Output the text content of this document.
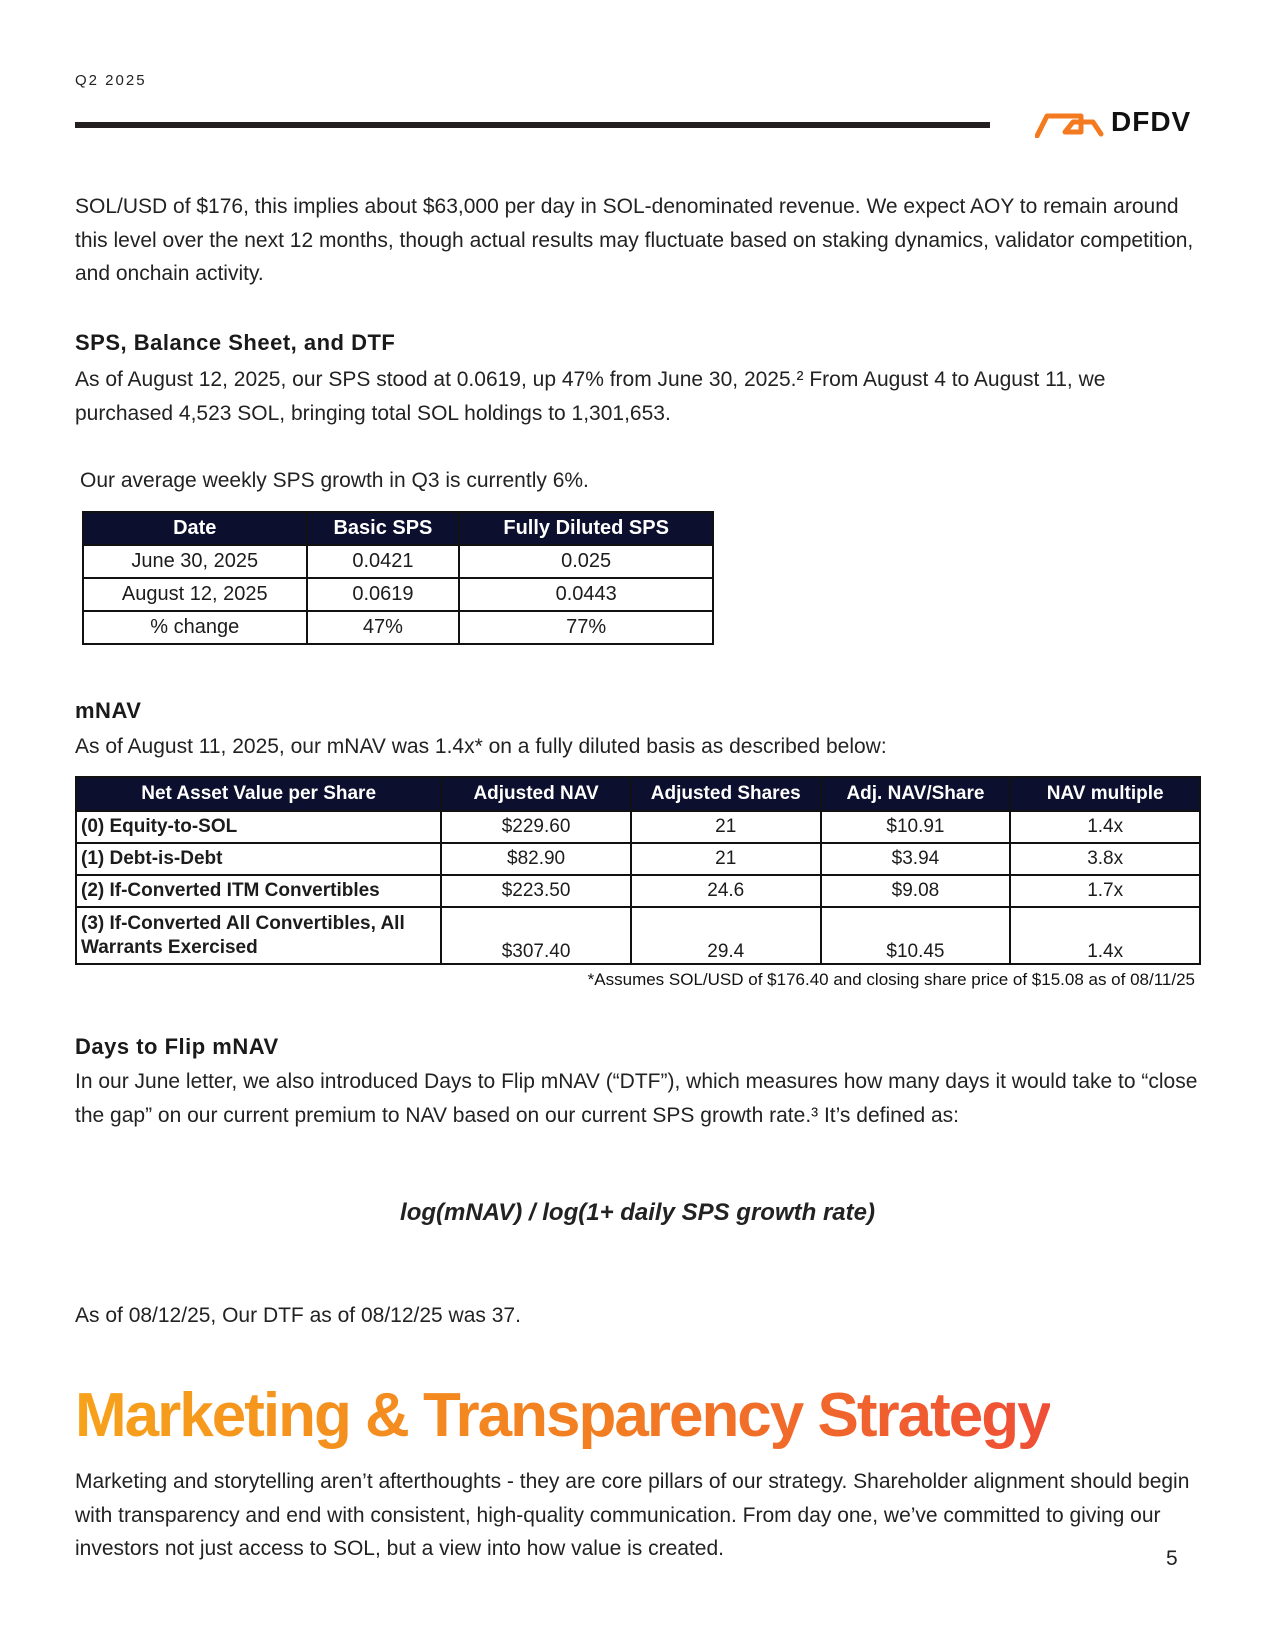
Q2 2025
DFDV
SOL/USD of $176, this implies about $63,000 per day in SOL-denominated revenue. We expect AOY to remain around this level over the next 12 months, though actual results may fluctuate based on staking dynamics, validator competition, and onchain activity.
SPS, Balance Sheet, and DTF
As of August 12, 2025, our SPS stood at 0.0619, up 47% from June 30, 2025.² From August 4 to August 11, we purchased 4,523 SOL, bringing total SOL holdings to 1,301,653.
Our average weekly SPS growth in Q3 is currently 6%.
Date	Basic SPS	Fully Diluted SPS
June 30, 2025	0.0421	0.025
August 12, 2025	0.0619	0.0443
% change	47%	77%
mNAV
As of August 11, 2025, our mNAV was 1.4x* on a fully diluted basis as described below:
Net Asset Value per Share	Adjusted NAV	Adjusted Shares	Adj. NAV/Share	NAV multiple
(0) Equity-to-SOL	$229.60	21	$10.91	1.4x
(1) Debt-is-Debt	$82.90	21	$3.94	3.8x
(2) If-Converted ITM Convertibles	$223.50	24.6	$9.08	1.7x
(3) If-Converted All Convertibles, All Warrants Exercised	$307.40	29.4	$10.45	1.4x
*Assumes SOL/USD of $176.40 and closing share price of $15.08 as of 08/11/25
Days to Flip mNAV
In our June letter, we also introduced Days to Flip mNAV (“DTF”), which measures how many days it would take to “close the gap” on our current premium to NAV based on our current SPS growth rate.³ It’s defined as:
log(mNAV) / log(1+ daily SPS growth rate)
As of 08/12/25, Our DTF as of 08/12/25 was 37.
Marketing & Transparency Strategy
Marketing and storytelling aren’t afterthoughts - they are core pillars of our strategy. Shareholder alignment should begin with transparency and end with consistent, high-quality communication. From day one, we’ve committed to giving our investors not just access to SOL, but a view into how value is created.	5
